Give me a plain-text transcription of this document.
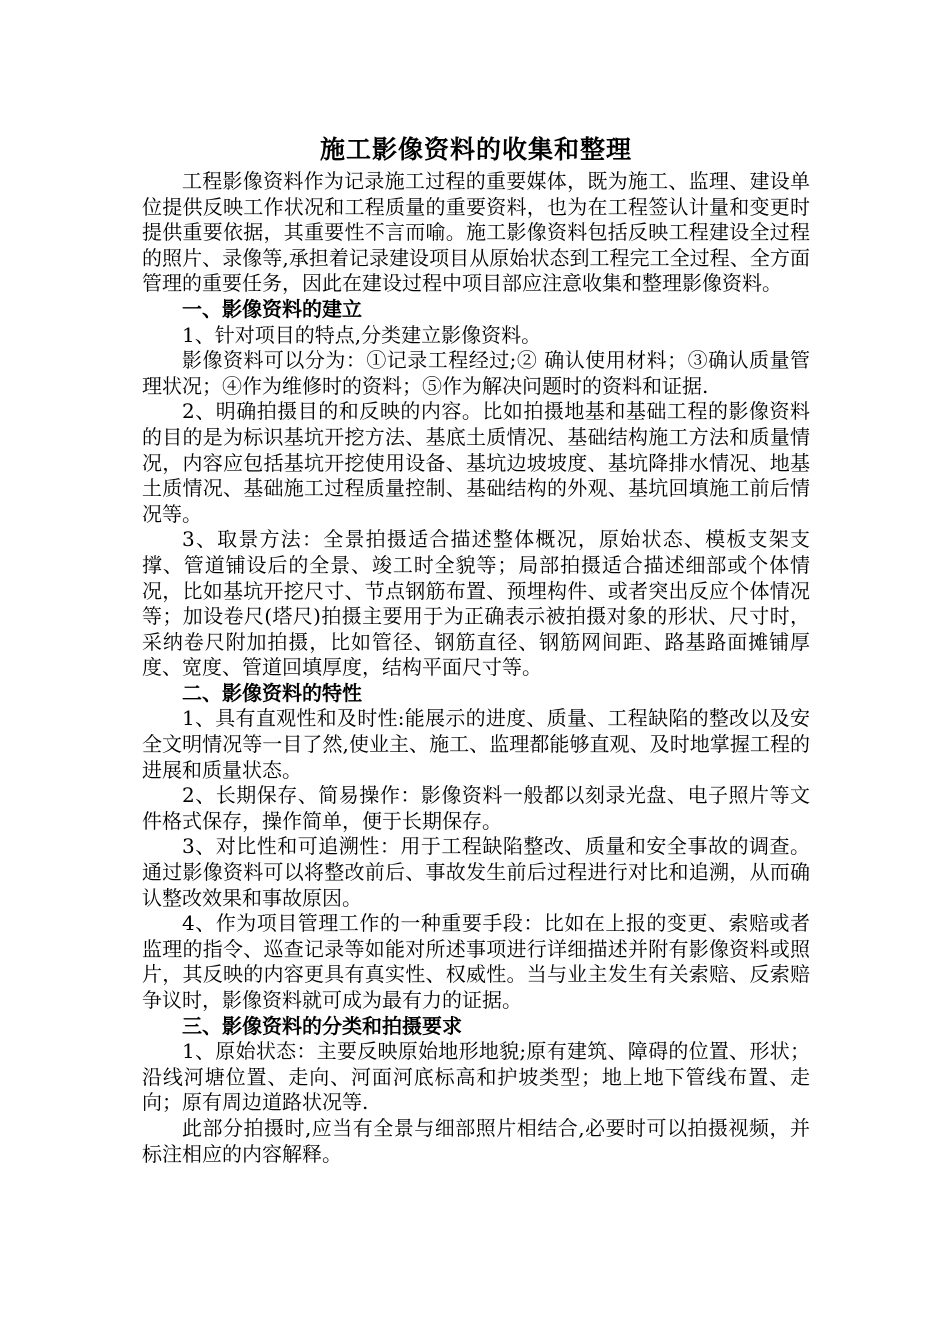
施工影像资料的收集和整理

工程影像资料作为记录施工过程的重要媒体，既为施工、监理、建设单位提供反映工作状况和工程质量的重要资料，也为在工程签认计量和变更时提供重要依据，其重要性不言而喻。施工影像资料包括反映工程建设全过程的照片、录像等,承担着记录建设项目从原始状态到工程完工全过程、全方面管理的重要任务，因此在建设过程中项目部应注意收集和整理影像资料。

一、影像资料的建立

1、针对项目的特点,分类建立影像资料。

影像资料可以分为：①记录工程经过;② 确认使用材料；③确认质量管理状况；④作为维修时的资料；⑤作为解决问题时的资料和证据.

2、明确拍摄目的和反映的内容。比如拍摄地基和基础工程的影像资料的目的是为标识基坑开挖方法、基底土质情况、基础结构施工方法和质量情况，内容应包括基坑开挖使用设备、基坑边坡坡度、基坑降排水情况、地基土质情况、基础施工过程质量控制、基础结构的外观、基坑回填施工前后情况等。

3、取景方法：全景拍摄适合描述整体概况，原始状态、模板支架支撑、管道铺设后的全景、竣工时全貌等；局部拍摄适合描述细部或个体情况，比如基坑开挖尺寸、节点钢筋布置、预埋构件、或者突出反应个体情况等；加设卷尺(塔尺)拍摄主要用于为正确表示被拍摄对象的形状、尺寸时，采纳卷尺附加拍摄，比如管径、钢筋直径、钢筋网间距、路基路面摊铺厚度、宽度、管道回填厚度，结构平面尺寸等。

二、影像资料的特性

1、具有直观性和及时性:能展示的进度、质量、工程缺陷的整改以及安全文明情况等一目了然,使业主、施工、监理都能够直观、及时地掌握工程的进展和质量状态。

2、长期保存、简易操作：影像资料一般都以刻录光盘、电子照片等文件格式保存，操作简单，便于长期保存。

3、对比性和可追溯性：用于工程缺陷整改、质量和安全事故的调查。通过影像资料可以将整改前后、事故发生前后过程进行对比和追溯，从而确认整改效果和事故原因。

4、作为项目管理工作的一种重要手段：比如在上报的变更、索赔或者监理的指令、巡查记录等如能对所述事项进行详细描述并附有影像资料或照片，其反映的内容更具有真实性、权威性。当与业主发生有关索赔、反索赔争议时，影像资料就可成为最有力的证据。

三、影像资料的分类和拍摄要求

1、原始状态：主要反映原始地形地貌;原有建筑、障碍的位置、形状；沿线河塘位置、走向、河面河底标高和护坡类型；地上地下管线布置、走向；原有周边道路状况等.

此部分拍摄时,应当有全景与细部照片相结合,必要时可以拍摄视频，并标注相应的内容解释。
